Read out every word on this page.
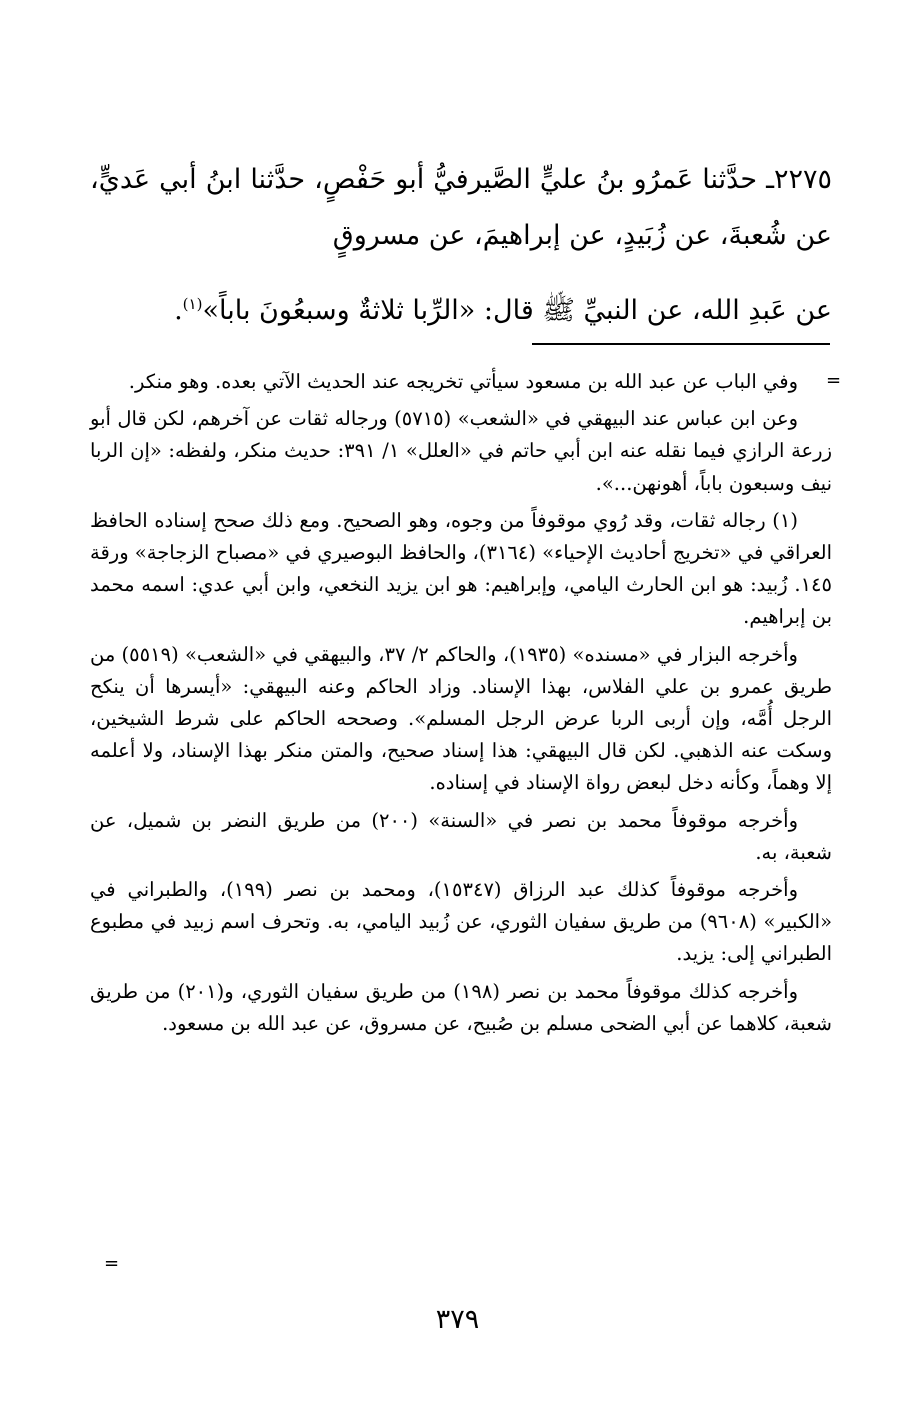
٢٢٧٥ـ حدَّثنا عَمرُو بنُ عليٍّ الصَّيرفيُّ أبو حَفْصٍ، حدَّثنا ابنُ أبي عَديٍّ، عن شُعبةَ، عن زُبَيدٍ، عن إبراهيمَ، عن مسروقٍ

عن عَبدِ الله، عن النبيِّ ﷺ قال: «الرِّبا ثلاثةٌ وسبعُونَ باباً»$^{(١)}$.

=

وفي الباب عن عبد الله بن مسعود سيأتي تخريجه عند الحديث الآتي بعده. وهو منكر.

وعن ابن عباس عند البيهقي في «الشعب» (٥٧١٥) ورجاله ثقات عن آخرهم، لكن قال أبو زرعة الرازي فيما نقله عنه ابن أبي حاتم في «العلل» ١/ ٣٩١: حديث منكر، ولفظه: «إن الربا نيف وسبعون باباً، أهونهن...».

(١) رجاله ثقات، وقد رُوي موقوفاً من وجوه، وهو الصحيح. ومع ذلك صحح إسناده الحافظ العراقي في «تخريج أحاديث الإحياء» (٣١٦٤)، والحافظ البوصيري في «مصباح الزجاجة» ورقة ١٤٥. زُبيد: هو ابن الحارث اليامي، وإبراهيم: هو ابن يزيد النخعي، وابن أبي عدي: اسمه محمد بن إبراهيم.

وأخرجه البزار في «مسنده» (١٩٣٥)، والحاكم ٢/ ٣٧، والبيهقي في «الشعب» (٥٥١٩) من طريق عمرو بن علي الفلاس، بهذا الإسناد. وزاد الحاكم وعنه البيهقي: «أيسرها أن ينكح الرجل أُمَّه، وإن أربى الربا عرض الرجل المسلم». وصححه الحاكم على شرط الشيخين، وسكت عنه الذهبي. لكن قال البيهقي: هذا إسناد صحيح، والمتن منكر بهذا الإسناد، ولا أعلمه إلا وهماً، وكأنه دخل لبعض رواة الإسناد في إسناده.

وأخرجه موقوفاً محمد بن نصر في «السنة» (٢٠٠) من طريق النضر بن شميل، عن شعبة، به.

وأخرجه موقوفاً كذلك عبد الرزاق (١٥٣٤٧)، ومحمد بن نصر (١٩٩)، والطبراني في «الكبير» (٩٦٠٨) من طريق سفيان الثوري، عن زُبيد اليامي، به. وتحرف اسم زبيد في مطبوع الطبراني إلى: يزيد.

وأخرجه كذلك موقوفاً محمد بن نصر (١٩٨) من طريق سفيان الثوري، و(٢٠١) من طريق شعبة، كلاهما عن أبي الضحى مسلم بن صُبيح، عن مسروق، عن عبد الله بن مسعود.

=
٣٧٩
